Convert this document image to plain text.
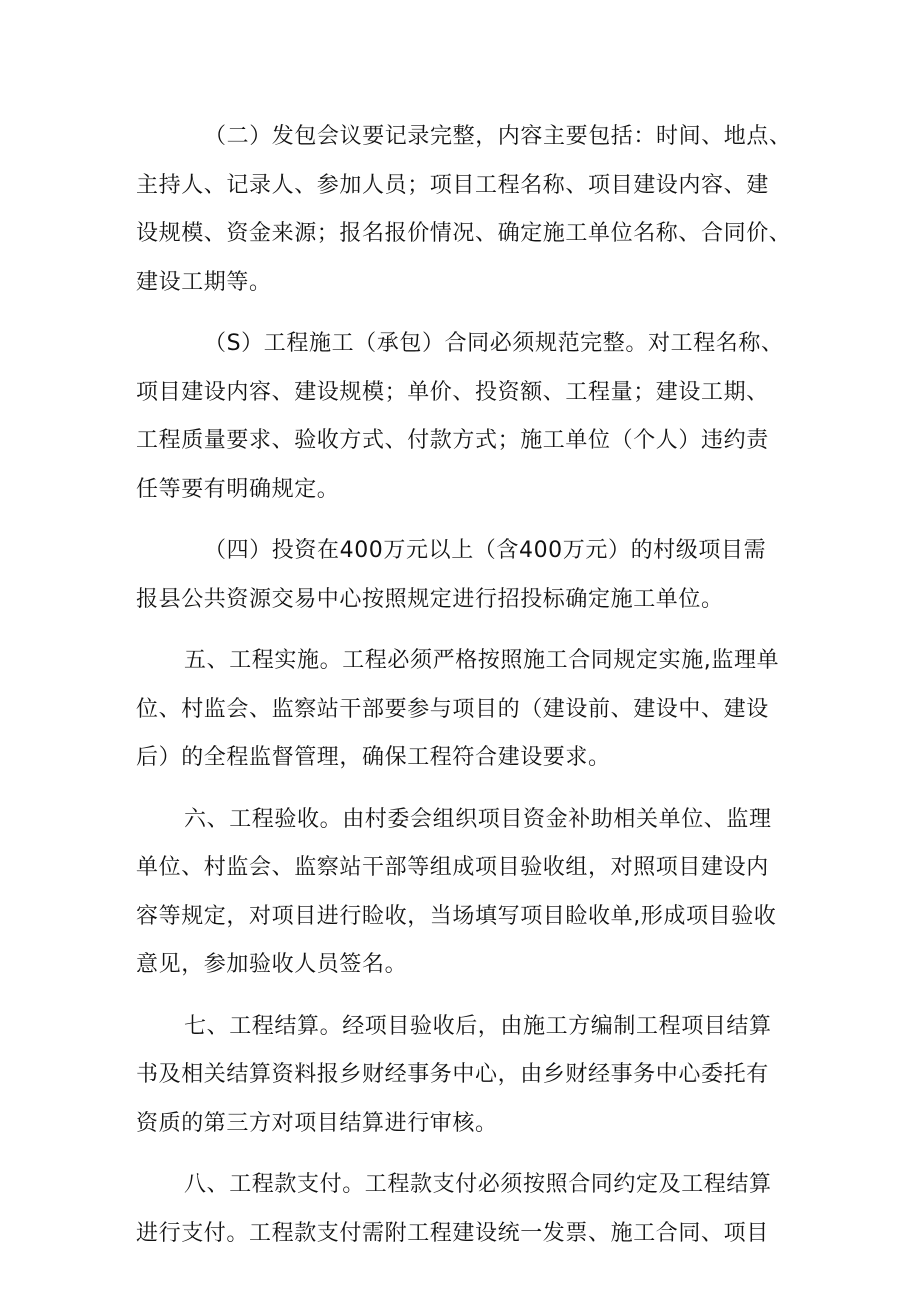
（二）发包会议要记录完整，内容主要包括：时间、地点、
主持人、记录人、参加人员；项目工程名称、项目建设内容、建
设规模、资金来源；报名报价情况、确定施工单位名称、合同价、
建设工期等。
（S）工程施工（承包）合同必须规范完整。对工程名称、
项目建设内容、建设规模；单价、投资额、工程量；建设工期、
工程质量要求、验收方式、付款方式；施工单位（个人）违约责
任等要有明确规定。
（四）投资在400万元以上（含400万元）的村级项目需
报县公共资源交易中心按照规定进行招投标确定施工单位。
五、工程实施。工程必须严格按照施工合同规定实施,监理单
位、村监会、监察站干部要参与项目的（建设前、建设中、建设
后）的全程监督管理，确保工程符合建设要求。
六、工程验收。由村委会组织项目资金补助相关单位、监理
单位、村监会、监察站干部等组成项目验收组，对照项目建设内
容等规定，对项目进行睑收，当场填写项目睑收单,形成项目验收
意见，参加验收人员签名。
七、工程结算。经项目验收后，由施工方编制工程项目结算
书及相关结算资料报乡财经事务中心，由乡财经事务中心委托有
资质的第三方对项目结算进行审核。
八、工程款支付。工程款支付必须按照合同约定及工程结算
进行支付。工程款支付需附工程建设统一发票、施工合同、项目
